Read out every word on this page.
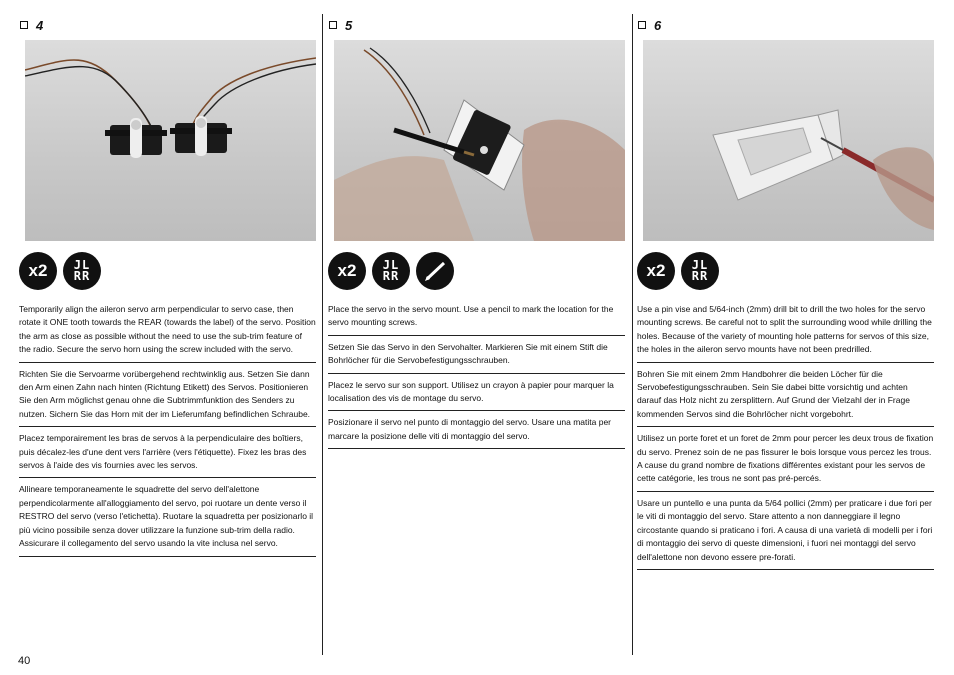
4
x2	JL
RR
Temporarily align the aileron servo arm perpendicular to servo case, then rotate it ONE tooth towards the REAR (towards the label) of the servo. Position the arm as close as possible without the need to use the sub-trim feature of the radio. Secure the servo horn using the screw included with the servo.
Richten Sie die Servoarme vorübergehend rechtwinklig aus. Setzen Sie dann den Arm einen Zahn nach hinten (Richtung Etikett) des Servos. Positionieren Sie den Arm möglichst genau ohne die Subtrimmfunktion des Senders zu nutzen. Sichern Sie das Horn mit der im Lieferumfang befindlichen Schraube.
Placez temporairement les bras de servos à la perpendiculaire des boîtiers, puis décalez-les d'une dent vers l'arrière (vers l'étiquette). Fixez les bras des servos à l'aide des vis fournies avec les servos.
Allineare temporaneamente le squadrette del servo dell'alettone perpendicolarmente all'alloggiamento del servo, poi ruotare un dente verso il RESTRO del servo (verso l'etichetta). Ruotare la squadretta per posizionarlo il più vicino possibile senza dover utilizzare la funzione sub-trim della radio. Assicurare il collegamento del servo usando la vite inclusa nel servo.
5
x2	JL
RR
Place the servo in the servo mount. Use a pencil to mark the location for the servo mounting screws.
Setzen Sie das Servo in den Servohalter. Markieren Sie mit einem Stift die Bohrlöcher für die Servobefestigungsschrauben.
Placez le servo sur son support. Utilisez un crayon à papier pour marquer la localisation des vis de montage du servo.
Posizionare il servo nel punto di montaggio del servo. Usare una matita per marcare la posizione delle viti di montaggio del servo.
6
x2	JL
RR
Use a pin vise and 5/64-inch (2mm) drill bit to drill the two holes for the servo mounting screws. Be careful not to split the surrounding wood while drilling the holes. Because of the variety of mounting hole patterns for servos of this size, the holes in the aileron servo mounts have not been predrilled.
Bohren Sie mit einem 2mm Handbohrer die beiden Löcher für die Servobefestigungsschrauben. Sein Sie dabei bitte vorsichtig und achten darauf das Holz nicht zu zersplittern. Auf Grund der Vielzahl der in Frage kommenden Servos sind die Bohrlöcher nicht vorgebohrt.
Utilisez un porte foret et un foret de 2mm pour percer les deux trous de fixation du servo. Prenez soin de ne pas fissurer le bois lorsque vous percez les trous. A cause du grand nombre de fixations différentes existant pour les servos de cette catégorie, les trous ne sont pas pré-percés.
Usare un puntello e una punta da 5/64 pollici (2mm) per praticare i due fori per le viti di montaggio del servo. Stare attento a non danneggiare il legno circostante quando si praticano i fori. A causa di una varietà di modelli per i fori di montaggio dei servo di queste dimensioni, i fuori nei montaggi del servo dell'alettone non devono essere pre-forati.
40
